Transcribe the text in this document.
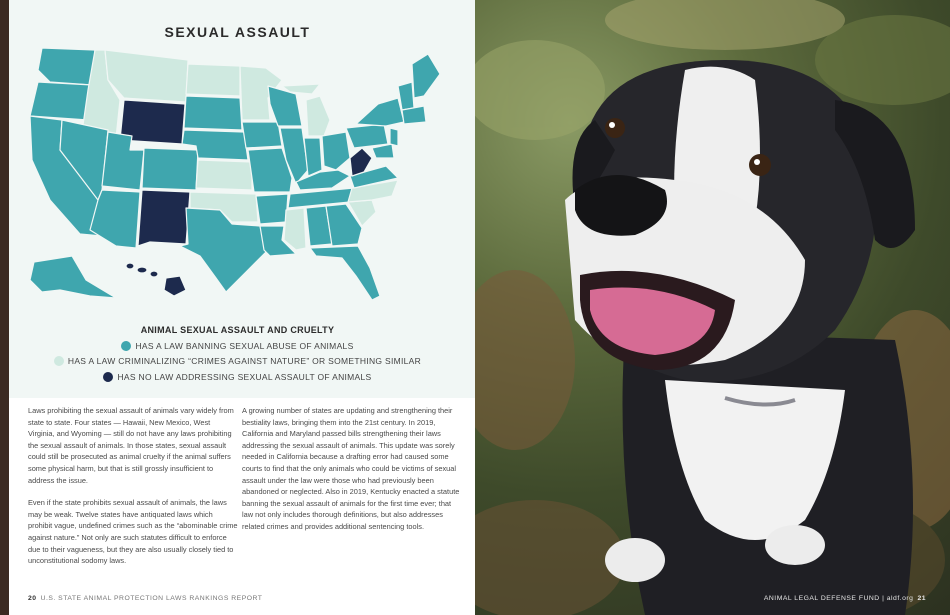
SEXUAL ASSAULT
ANIMAL SEXUAL ASSAULT AND CRUELTY
HAS A LAW BANNING SEXUAL ABUSE OF ANIMALS
HAS A LAW CRIMINALIZING “CRIMES AGAINST NATURE” OR SOMETHING SIMILAR
HAS NO LAW ADDRESSING SEXUAL ASSAULT OF ANIMALS

Laws prohibiting the sexual assault of animals vary widely from state to state. Four states — Hawaii, New Mexico, West Virginia, and Wyoming — still do not have any laws prohibiting the sexual assault of animals. In those states, sexual assault could still be prosecuted as animal cruelty if the animal suffers some physical harm, but that is still grossly insufficient to address the issue.

Even if the state prohibits sexual assault of animals, the laws may be weak. Twelve states have antiquated laws which prohibit vague, undefined crimes such as the “abominable crime against nature.” Not only are such statutes difficult to enforce due to their vagueness, but they are also usually closely tied to unconstitutional sodomy laws.

A growing number of states are updating and strengthening their bestiality laws, bringing them into the 21st century. In 2019, California and Maryland passed bills strengthening their laws addressing the sexual assault of animals. This update was sorely needed in California because a drafting error had caused some courts to find that the only animals who could be victims of sexual assault under the law were those who had previously been abandoned or neglected. Also in 2019, Kentucky enacted a statute banning the sexual assault of animals for the first time ever; that law not only includes thorough definitions, but also addresses related crimes and provides additional sentencing tools.

20 U.S. STATE ANIMAL PROTECTION LAWS RANKINGS REPORT	ANIMAL LEGAL DEFENSE FUND | aldf.org 21
